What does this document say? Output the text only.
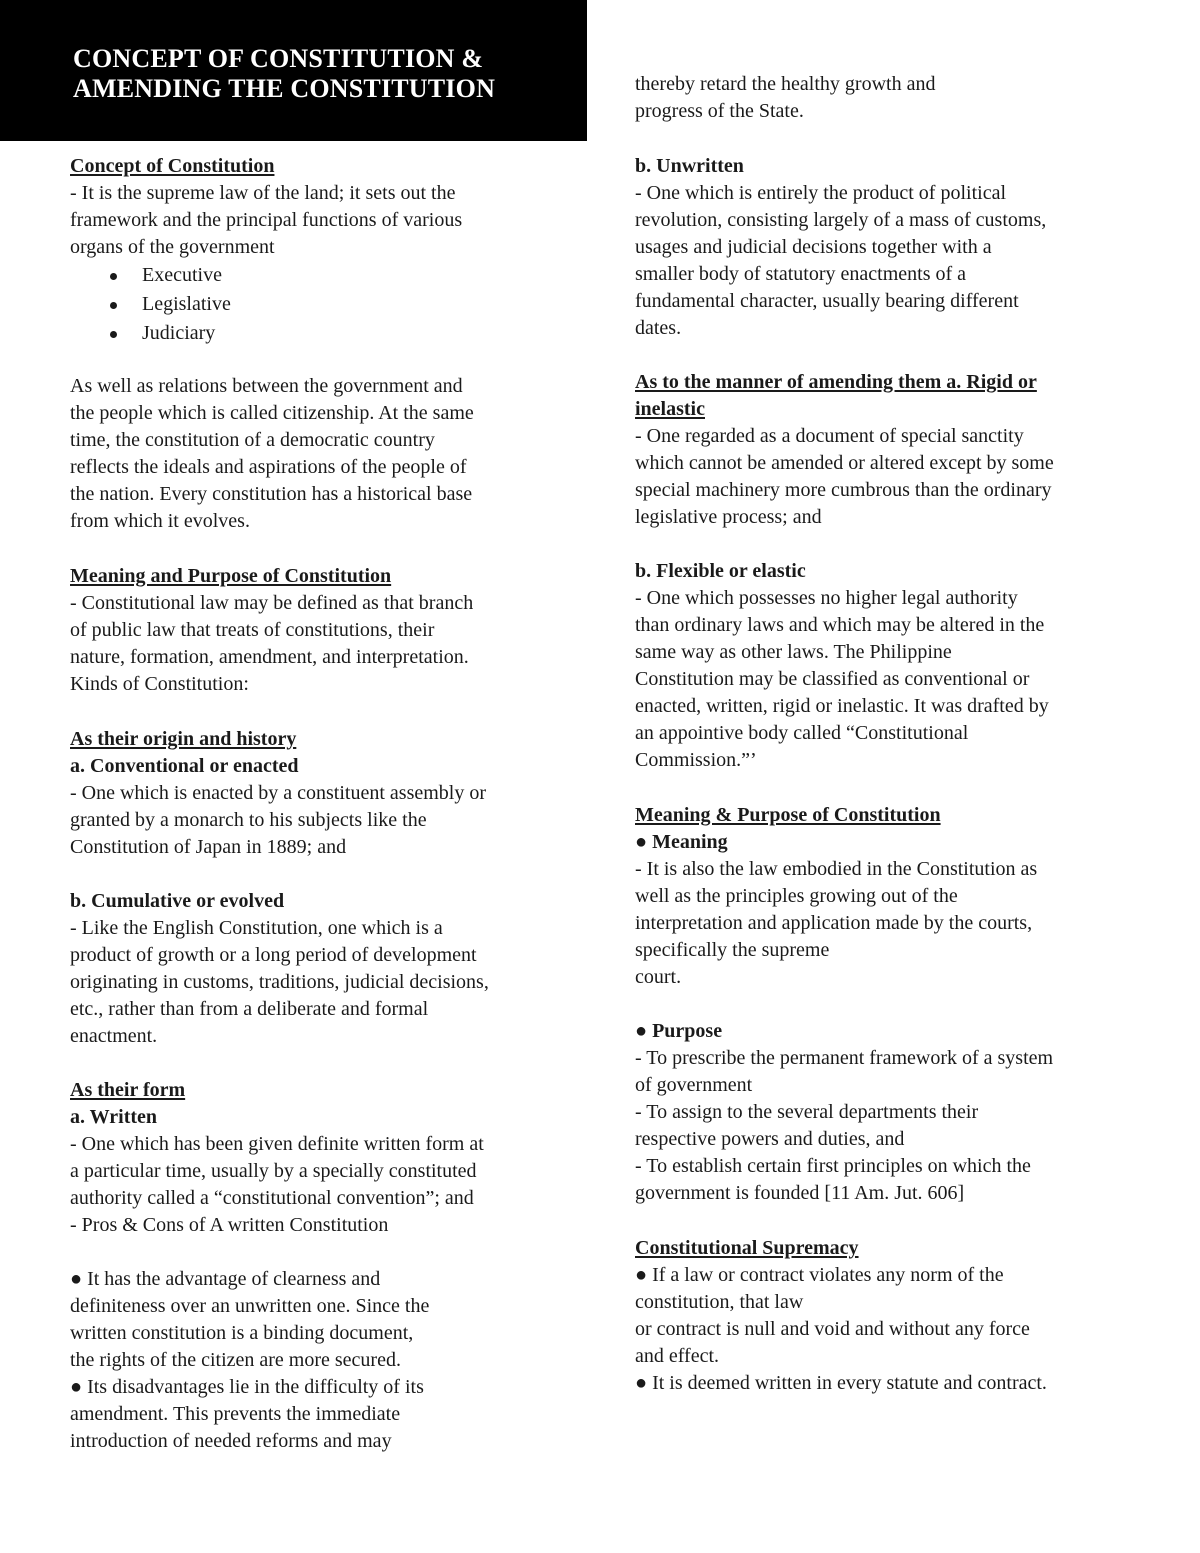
CONCEPT OF CONSTITUTION &
AMENDING THE CONSTITUTION
Concept of Constitution
- It is the supreme law of the land; it sets out the
framework and the principal functions of various
organs of the government
Executive
Legislative
Judiciary
As well as relations between the government and
the people which is called citizenship. At the same
time, the constitution of a democratic country
reflects the ideals and aspirations of the people of
the nation. Every constitution has a historical base
from which it evolves.
Meaning and Purpose of Constitution
- Constitutional law may be defined as that branch
of public law that treats of constitutions, their
nature, formation, amendment, and interpretation.
Kinds of Constitution:
As their origin and history
a. Conventional or enacted
- One which is enacted by a constituent assembly or
granted by a monarch to his subjects like the
Constitution of Japan in 1889; and
b. Cumulative or evolved
- Like the English Constitution, one which is a
product of growth or a long period of development
originating in customs, traditions, judicial decisions,
etc., rather than from a deliberate and formal
enactment.
As their form
a. Written
- One which has been given definite written form at
a particular time, usually by a specially constituted
authority called a “constitutional convention”; and
- Pros & Cons of A written Constitution
● It has the advantage of clearness and
definiteness over an unwritten one. Since the
written constitution is a binding document,
the rights of the citizen are more secured.
● Its disadvantages lie in the difficulty of its
amendment. This prevents the immediate
introduction of needed reforms and may
thereby retard the healthy growth and
progress of the State.
b. Unwritten
- One which is entirely the product of political
revolution, consisting largely of a mass of customs,
usages and judicial decisions together with a
smaller body of statutory enactments of a
fundamental character, usually bearing different
dates.
As to the manner of amending them a. Rigid or
inelastic
- One regarded as a document of special sanctity
which cannot be amended or altered except by some
special machinery more cumbrous than the ordinary
legislative process; and
b. Flexible or elastic
- One which possesses no higher legal authority
than ordinary laws and which may be altered in the
same way as other laws. The Philippine
Constitution may be classified as conventional or
enacted, written, rigid or inelastic. It was drafted by
an appointive body called “Constitutional
Commission.”’
Meaning & Purpose of Constitution
● Meaning
- It is also the law embodied in the Constitution as
well as the principles growing out of the
interpretation and application made by the courts,
specifically the supreme
court.
● Purpose
- To prescribe the permanent framework of a system
of government
- To assign to the several departments their
respective powers and duties, and
- To establish certain first principles on which the
government is founded [11 Am. Jut. 606]
Constitutional Supremacy
● If a law or contract violates any norm of the
constitution, that law
or contract is null and void and without any force
and effect.
● It is deemed written in every statute and contract.
